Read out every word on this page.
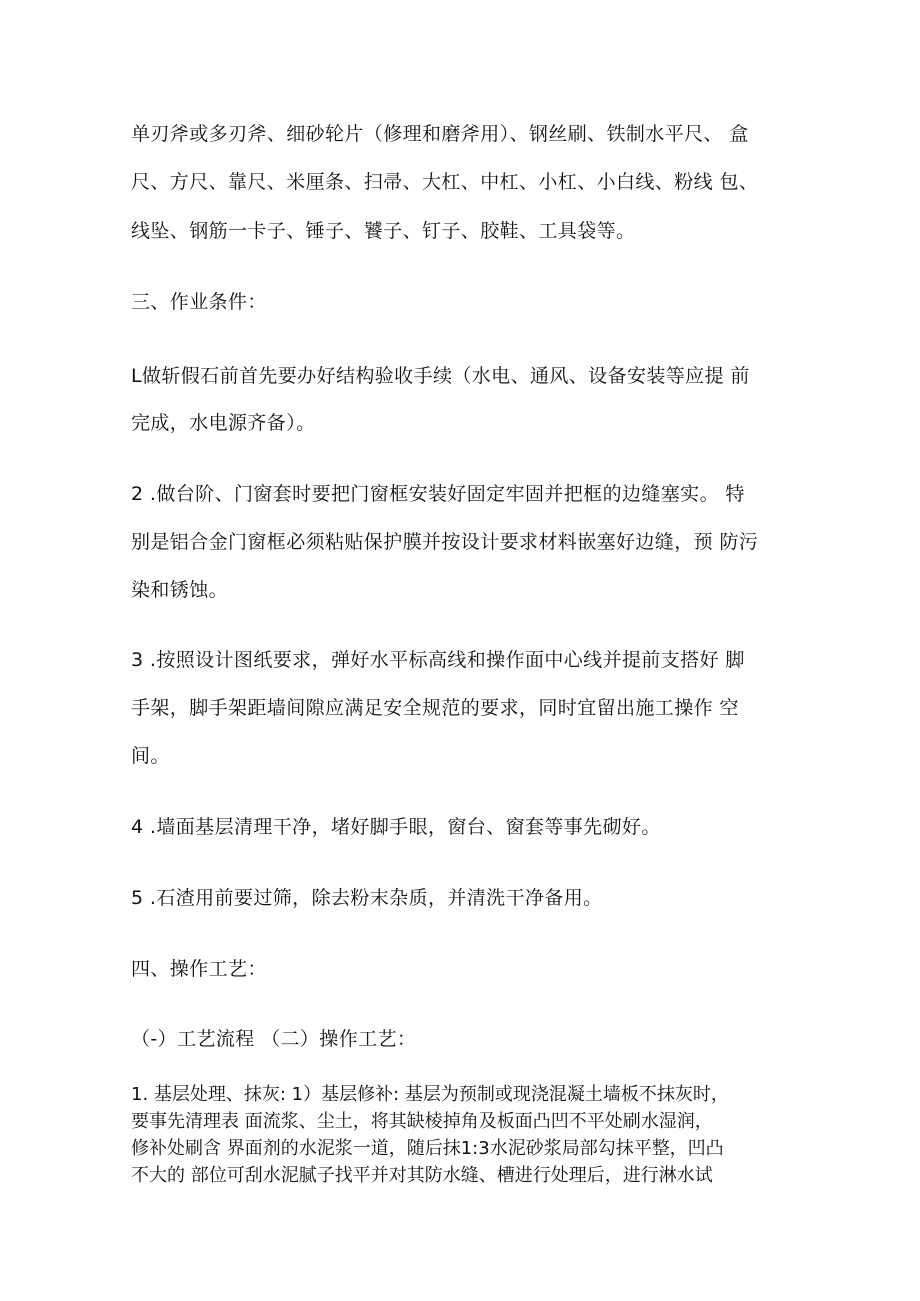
单刃斧或多刃斧、细砂轮片（修理和磨斧用）、钢丝刷、铁制水平尺、 盒
尺、方尺、靠尺、米厘条、扫帚、大杠、中杠、小杠、小白线、粉线 包、
线坠、钢筋一卡子、锤子、饕子、钉子、胶鞋、工具袋等。
三、作业条件：
L做斩假石前首先要办好结构验收手续（水电、通风、设备安装等应提 前
完成，水电源齐备）。
2 .做台阶、门窗套时要把门窗框安装好固定牢固并把框的边缝塞实。 特
别是铝合金门窗框必须粘贴保护膜并按设计要求材料嵌塞好边缝，预 防污
染和锈蚀。
3 .按照设计图纸要求，弹好水平标高线和操作面中心线并提前支搭好 脚
手架，脚手架距墙间隙应满足安全规范的要求，同时宜留出施工操作 空
间。
4 .墙面基层清理干净，堵好脚手眼，窗台、窗套等事先砌好。
5 .石渣用前要过筛，除去粉末杂质，并清洗干净备用。
四、操作工艺：
（-）工艺流程 （二）操作工艺：
1. 基层处理、抹灰: 1）基层修补: 基层为预制或现浇混凝土墙板不抹灰时，
要事先清理表 面流浆、尘土，将其缺棱掉角及板面凸凹不平处刷水湿润，
修补处刷含 界面剂的水泥浆一道，随后抹1:3水泥砂浆局部勾抹平整，凹凸
不大的 部位可刮水泥腻子找平并对其防水缝、槽进行处理后，进行淋水试
